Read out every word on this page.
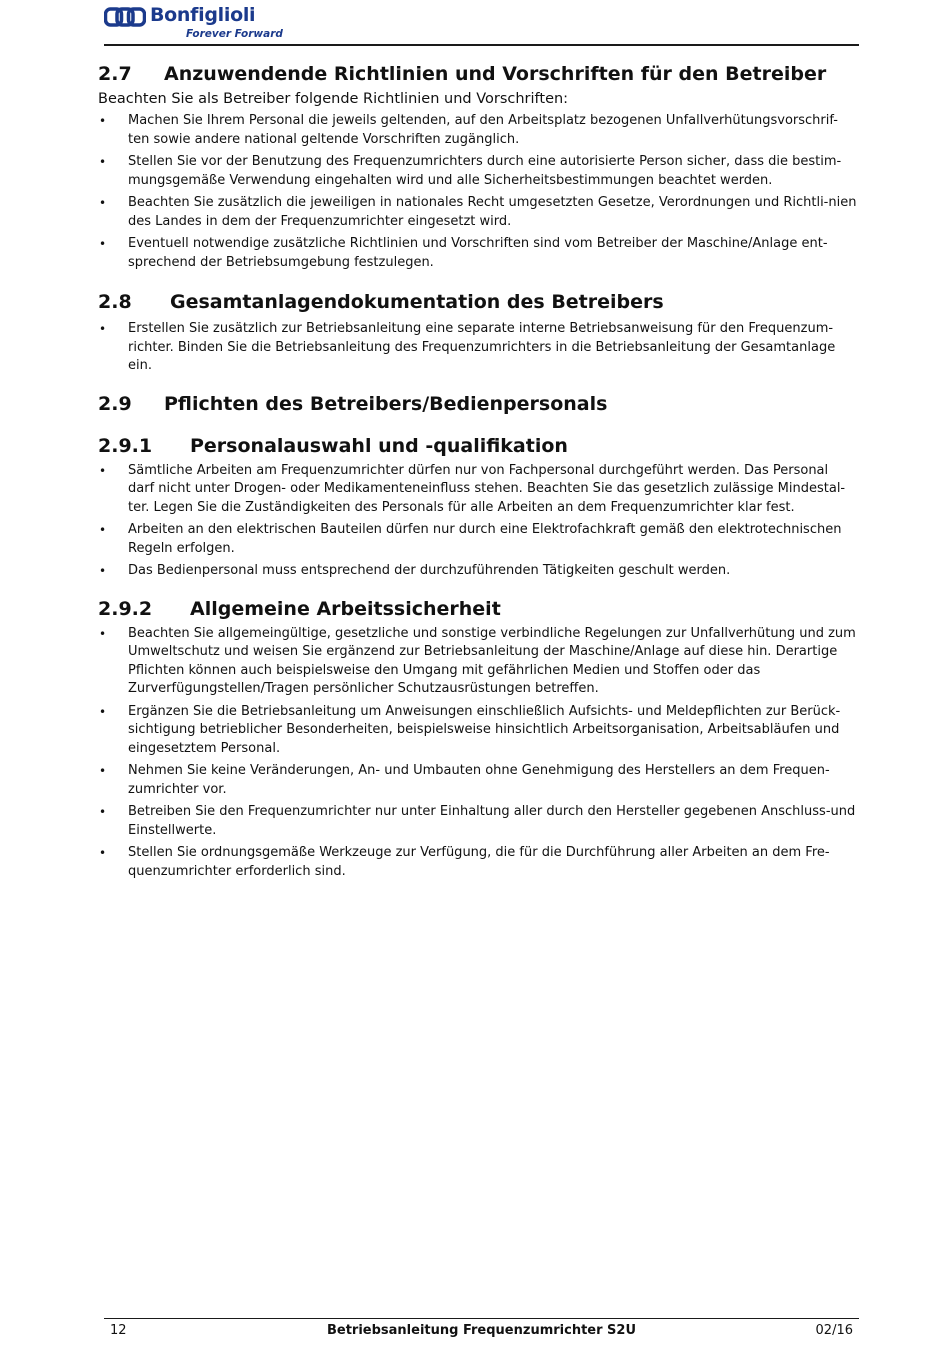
Bonfiglioli
Forever Forward
2.7 Anzuwendende Richtlinien und Vorschriften für den Betreiber
Beachten Sie als Betreiber folgende Richtlinien und Vorschriften:
• Machen Sie Ihrem Personal die jeweils geltenden, auf den Arbeitsplatz bezogenen Unfallverhütungsvorschrif-ten sowie andere national geltende Vorschriften zugänglich.
• Stellen Sie vor der Benutzung des Frequenzumrichters durch eine autorisierte Person sicher, dass die bestim-mungsgemäße Verwendung eingehalten wird und alle Sicherheitsbestimmungen beachtet werden.
• Beachten Sie zusätzlich die jeweiligen in nationales Recht umgesetzten Gesetze, Verordnungen und Richtli-nien des Landes in dem der Frequenzumrichter eingesetzt wird.
• Eventuell notwendige zusätzliche Richtlinien und Vorschriften sind vom Betreiber der Maschine/Anlage ent-sprechend der Betriebsumgebung festzulegen.
2.8 Gesamtanlagendokumentation des Betreibers
• Erstellen Sie zusätzlich zur Betriebsanleitung eine separate interne Betriebsanweisung für den Frequenzum-richter. Binden Sie die Betriebsanleitung des Frequenzumrichters in die Betriebsanleitung der Gesamtanlage ein.
2.9 Pflichten des Betreibers/Bedienpersonals
2.9.1 Personalauswahl und -qualifikation
• Sämtliche Arbeiten am Frequenzumrichter dürfen nur von Fachpersonal durchgeführt werden. Das Personal darf nicht unter Drogen- oder Medikamenteneinfluss stehen. Beachten Sie das gesetzlich zulässige Mindestal-ter. Legen Sie die Zuständigkeiten des Personals für alle Arbeiten an dem Frequenzumrichter klar fest.
• Arbeiten an den elektrischen Bauteilen dürfen nur durch eine Elektrofachkraft gemäß den elektrotechnischen Regeln erfolgen.
• Das Bedienpersonal muss entsprechend der durchzuführenden Tätigkeiten geschult werden.
2.9.2 Allgemeine Arbeitssicherheit
• Beachten Sie allgemeingültige, gesetzliche und sonstige verbindliche Regelungen zur Unfallverhütung und zum Umweltschutz und weisen Sie ergänzend zur Betriebsanleitung der Maschine/Anlage auf diese hin. Derartige Pflichten können auch beispielsweise den Umgang mit gefährlichen Medien und Stoffen oder das Zurverfügungstellen/Tragen persönlicher Schutzausrüstungen betreffen.
• Ergänzen Sie die Betriebsanleitung um Anweisungen einschließlich Aufsichts- und Meldepflichten zur Berück-sichtigung betrieblicher Besonderheiten, beispielsweise hinsichtlich Arbeitsorganisation, Arbeitsabläufen und eingesetztem Personal.
• Nehmen Sie keine Veränderungen, An- und Umbauten ohne Genehmigung des Herstellers an dem Frequen-zumrichter vor.
• Betreiben Sie den Frequenzumrichter nur unter Einhaltung aller durch den Hersteller gegebenen Anschluss-und Einstellwerte.
• Stellen Sie ordnungsgemäße Werkzeuge zur Verfügung, die für die Durchführung aller Arbeiten an dem Fre-quenzumrichter erforderlich sind.
12	Betriebsanleitung Frequenzumrichter S2U	02/16
